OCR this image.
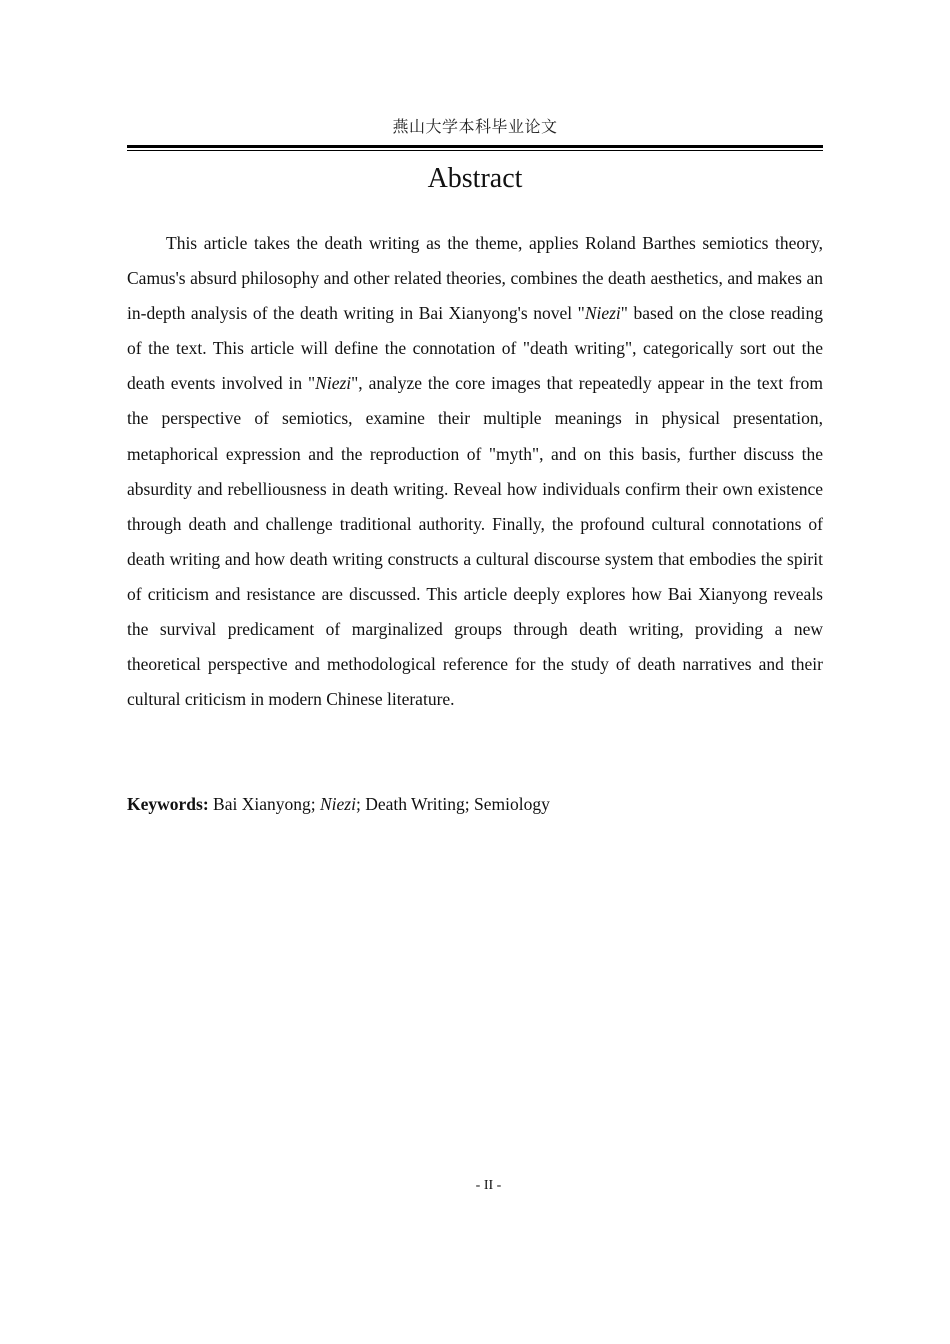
燕山大学本科毕业论文
Abstract

This article takes the death writing as the theme, applies Roland Barthes semiotics theory, Camus's absurd philosophy and other related theories, combines the death aesthetics, and makes an in-depth analysis of the death writing in Bai Xianyong's novel "Niezi" based on the close reading of the text. This article will define the connotation of "death writing", categorically sort out the death events involved in "Niezi", analyze the core images that repeatedly appear in the text from the perspective of semiotics, examine their multiple meanings in physical presentation, metaphorical expression and the reproduction of "myth", and on this basis, further discuss the absurdity and rebelliousness in death writing. Reveal how individuals confirm their own existence through death and challenge traditional authority. Finally, the profound cultural connotations of death writing and how death writing constructs a cultural discourse system that embodies the spirit of criticism and resistance are discussed. This article deeply explores how Bai Xianyong reveals the survival predicament of marginalized groups through death writing, providing a new theoretical perspective and methodological reference for the study of death narratives and their cultural criticism in modern Chinese literature.

Keywords: Bai Xianyong; Niezi; Death Writing; Semiology

- II -
